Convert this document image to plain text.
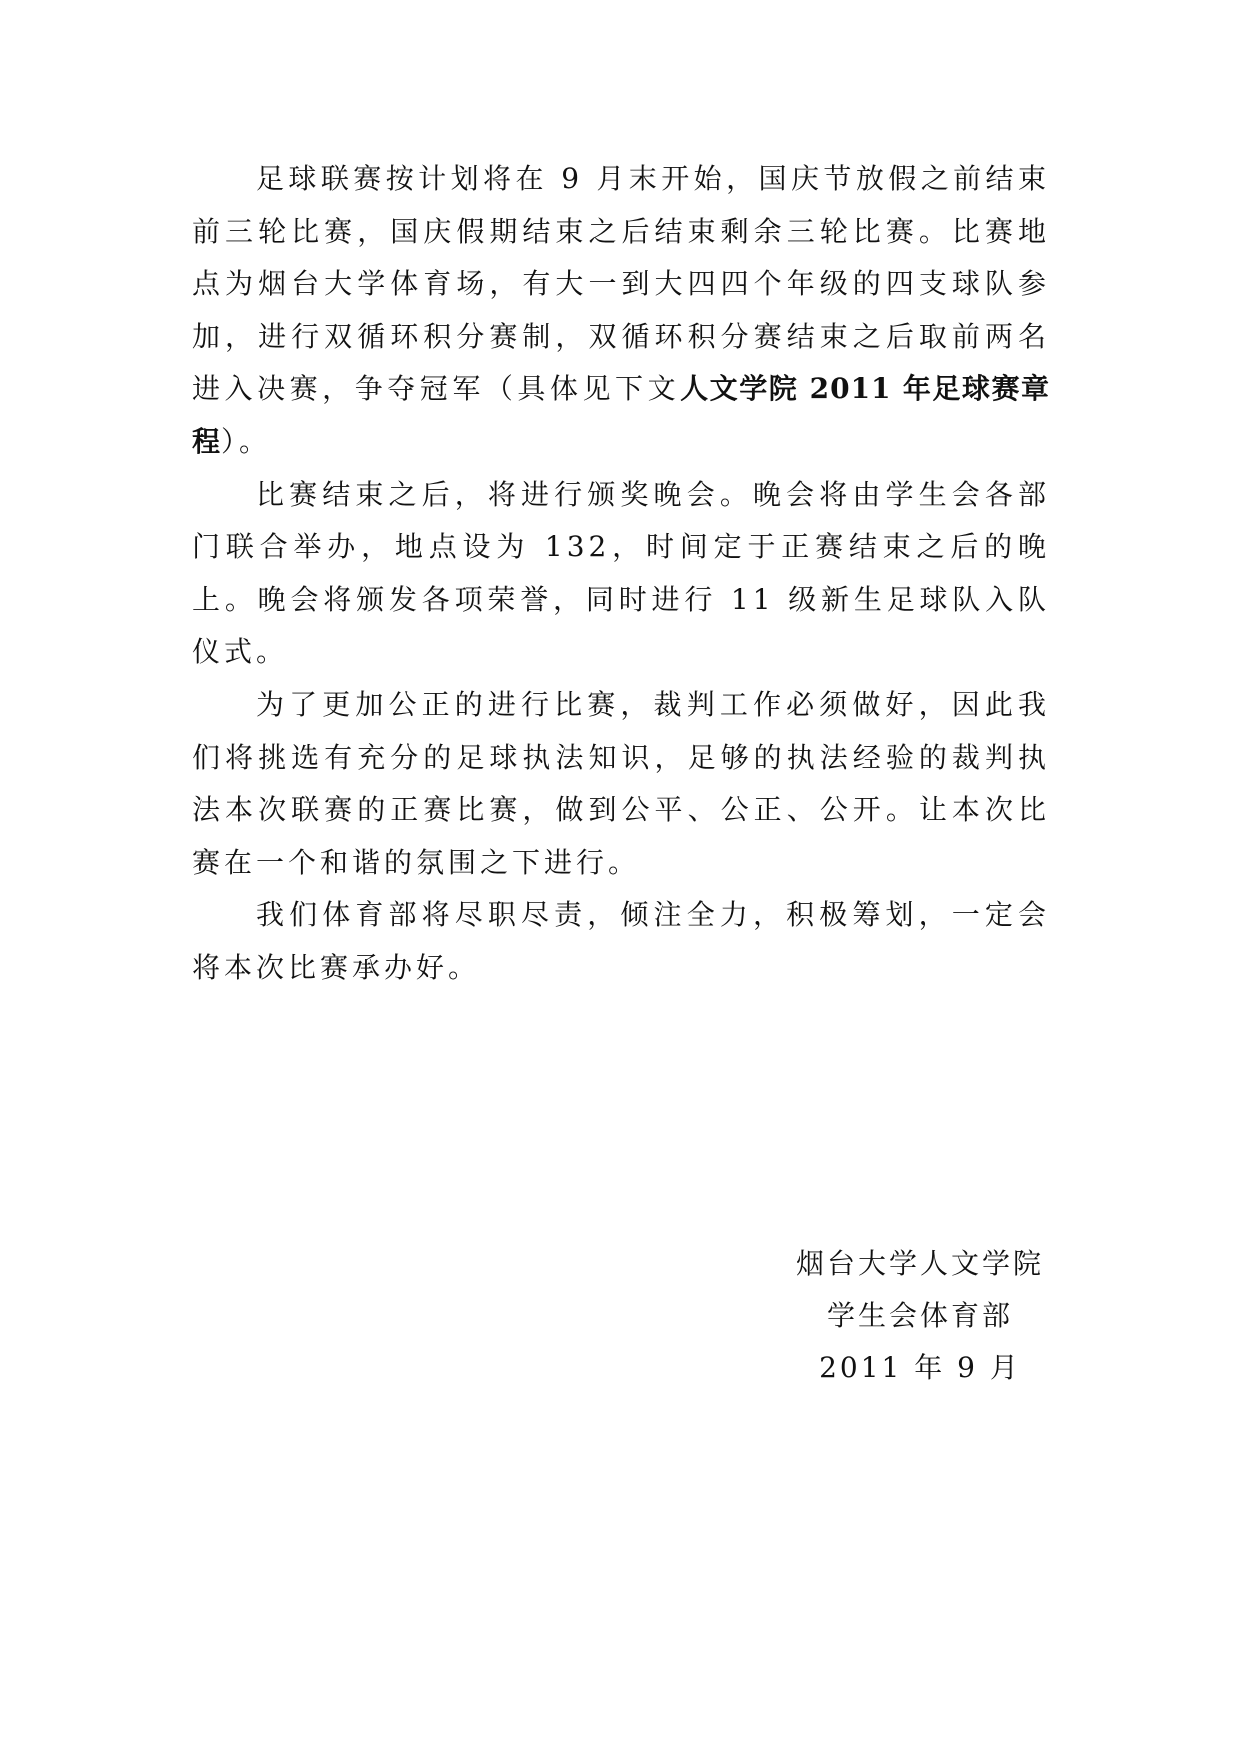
足球联赛按计划将在 9 月末开始，国庆节放假之前结束前三轮比赛，国庆假期结束之后结束剩余三轮比赛。比赛地点为烟台大学体育场，有大一到大四四个年级的四支球队参加，进行双循环积分赛制，双循环积分赛结束之后取前两名进入决赛，争夺冠军（具体见下文人文学院 2011 年足球赛章程）。

比赛结束之后，将进行颁奖晚会。晚会将由学生会各部门联合举办，地点设为 132，时间定于正赛结束之后的晚上。晚会将颁发各项荣誉，同时进行 11 级新生足球队入队仪式。

为了更加公正的进行比赛，裁判工作必须做好，因此我们将挑选有充分的足球执法知识，足够的执法经验的裁判执法本次联赛的正赛比赛，做到公平、公正、公开。让本次比赛在一个和谐的氛围之下进行。

我们体育部将尽职尽责，倾注全力，积极筹划，一定会将本次比赛承办好。

烟台大学人文学院

学生会体育部

2011 年 9 月
